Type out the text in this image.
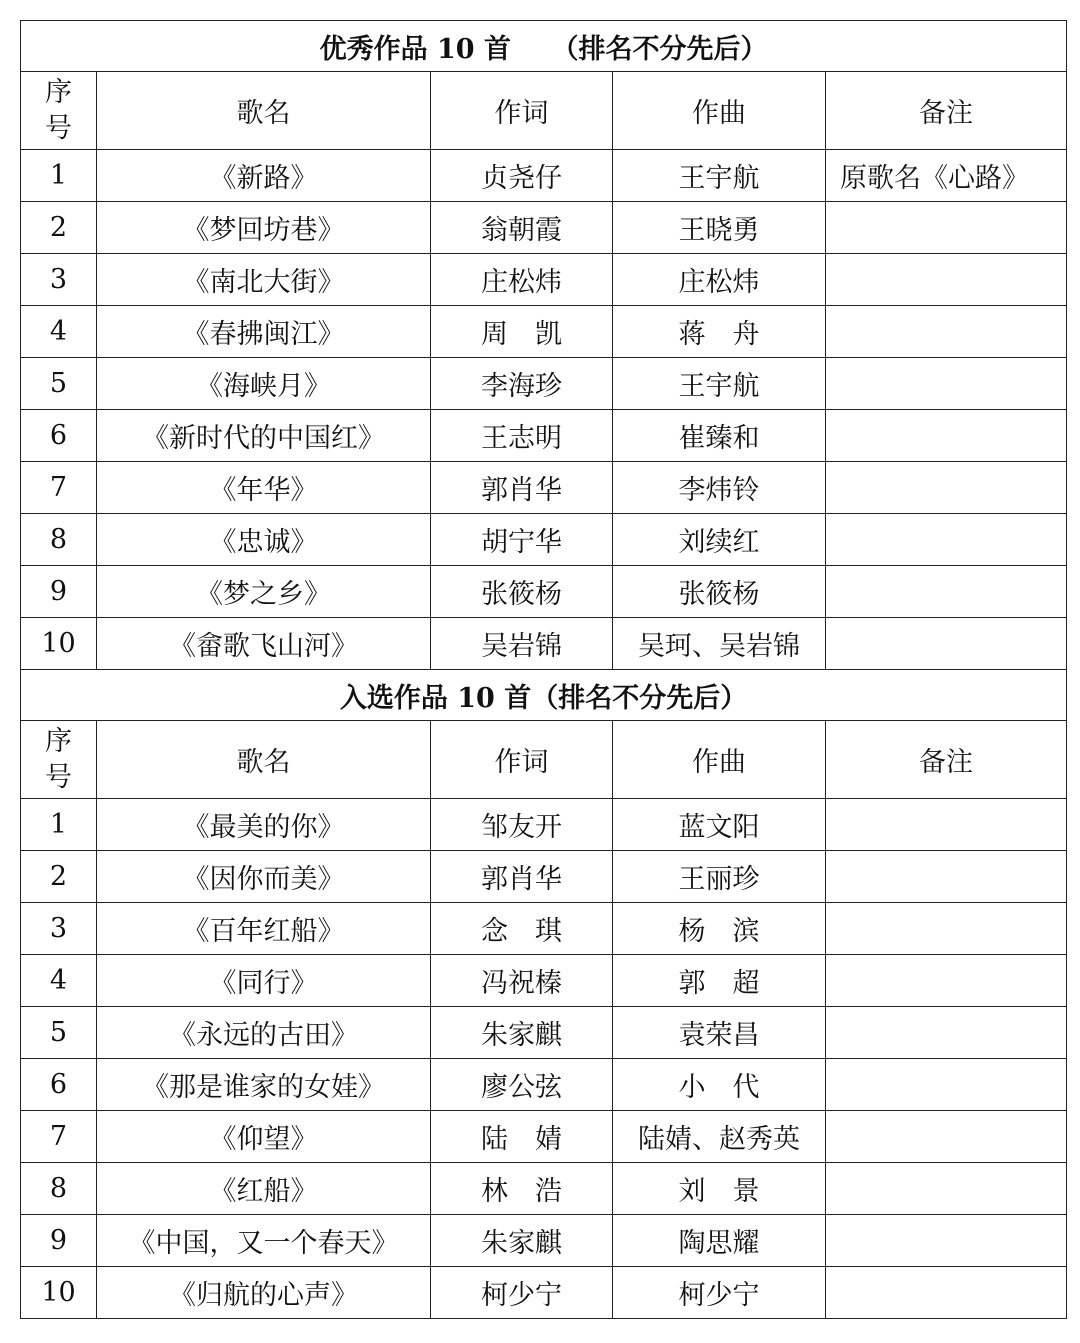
优秀作品 10 首　　（排名不分先后）				

序
号	歌名	作词	作曲	备注
1	《新路》	贞尧仔	王宇航	原歌名《心路》
2	《梦回坊巷》	翁朝霞	王晓勇	
3	《南北大街》	庄松炜	庄松炜	
4	《春拂闽江》	周　凯	蒋　舟	
5	《海峡月》	李海珍	王宇航	
6	《新时代的中国红》	王志明	崔臻和	
7	《年华》	郭肖华	李炜铃	
8	《忠诚》	胡宁华	刘续红	
9	《梦之乡》	张筱杨	张筱杨	
10	《畲歌飞山河》	吴岩锦	吴珂、吴岩锦	
入选作品 10 首（排名不分先后）				

序
号	歌名	作词	作曲	备注
1	《最美的你》	邹友开	蓝文阳	
2	《因你而美》	郭肖华	王丽珍	
3	《百年红船》	念　琪	杨　滨	
4	《同行》	冯祝榛	郭　超	
5	《永远的古田》	朱家麒	袁荣昌	
6	《那是谁家的女娃》	廖公弦	小　代	
7	《仰望》	陆　婧	陆婧、赵秀英	
8	《红船》	林　浩	刘　景	
9	《中国，又一个春天》	朱家麒	陶思耀	
10	《归航的心声》	柯少宁	柯少宁	
